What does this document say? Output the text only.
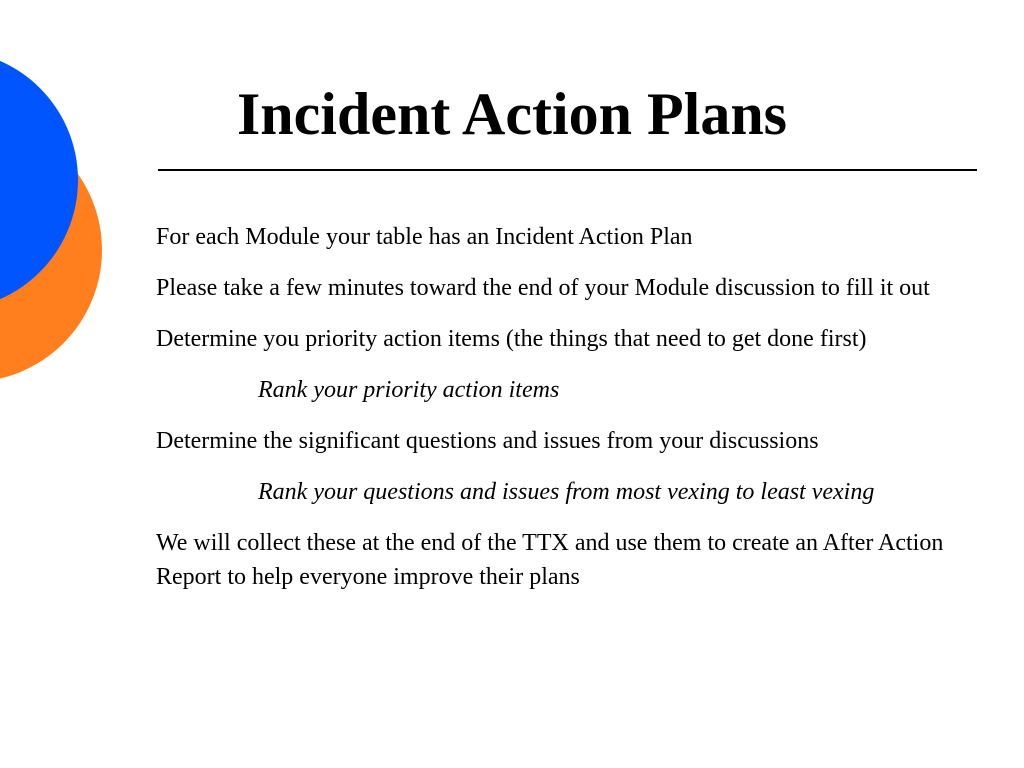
Incident Action Plans

For each Module your table has an Incident Action Plan

Please take a few minutes toward the end of your Module discussion to fill it out

Determine you priority action items (the things that need to get done first)

Rank your priority action items

Determine the significant questions and issues from your discussions

Rank your questions and issues from most vexing to least vexing

We will collect these at the end of the TTX and use them to create an After Action Report to help everyone improve their plans
